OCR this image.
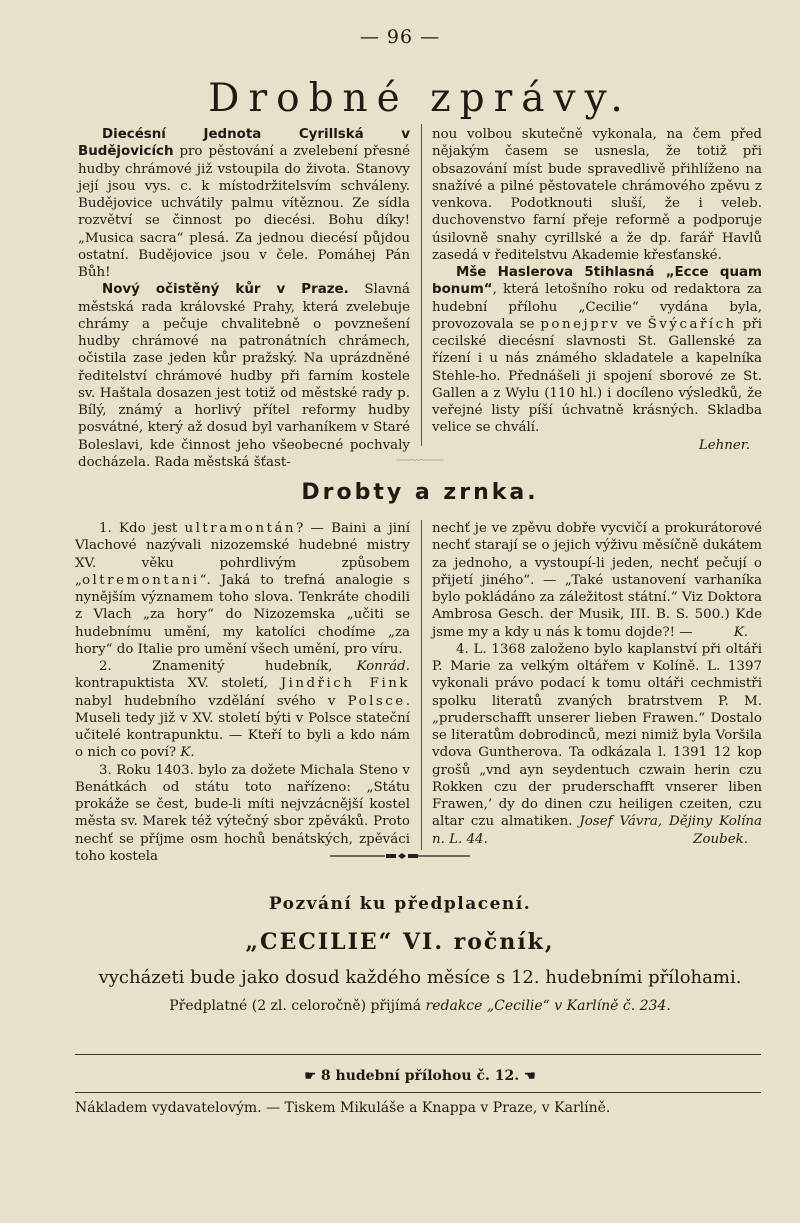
— 96 —
Drobné zprávy.

Diecésní Jednota Cyrillská v Budějovicích pro pěstování a zvelebení přesné hudby chrámové již vstoupila do života. Stanovy její jsou vys. c. k místodržitelsvím schváleny. Budějovice uchvátily palmu vítěznou. Ze sídla rozvětví se činnost po diecési. Bohu díky! „Musica sacra“ plesá. Za jednou diecésí půjdou ostatní. Budějovice jsou v čele. Pomáhej Pán Bůh!

Nový očistěný kůr v Praze. Slavná městská rada královské Prahy, která zvelebuje chrámy a pečuje chvalitebně o povznešení hudby chrámové na patronátních chrámech, očistila zase jeden kůr pražský. Na uprázdněné ředitelství chrámové hudby při farním kostele sv. Haštala dosazen jest totiž od městské rady p. Bílý, známý a horlivý přítel reformy hudby posvátné, který až dosud byl varhaníkem v Staré Boleslavi, kde činnost jeho všeobecné pochvaly docházela. Rada městská šťast-

nou volbou skutečně vykonala, na čem před nějakým časem se usnesla, že totiž při obsazování míst bude spravedlivě přihlíženo na snažívé a pilné pěstovatele chrámového zpěvu z venkova. Podotknouti sluší, že i veleb. duchovenstvo farní přeje reformě a podporuje úsilovně snahy cyrillské a že dp. farář Havlů zasedá v ředitelstvu Akademie křesťanské.

Mše Haslerova 5tihlasná „Ecce quam bonum“, která letošního roku od redaktora za hudební přílohu „Cecilie“ vydána byla, provozovala se ponejprv ve Švýcařích při cecilské diecésní slavnosti St. Gallenské za řízení i u nás známého skladatele a kapelníka Stehle-ho. Přednášeli ji spojení sborové ze St. Gallen a z Wylu (110 hl.) i docíleno výsledků, že veřejné listy píší úchvatně krásných. Skladba velice se chválí.

Lehner.

Drobty a zrnka.

1. Kdo jest ultramontán? — Baini a jiní Vlachové nazývali nizozemské hudebné mistry XV. věku pohrdlivým způsobem „oltremontani“. Jaká to trefná analogie s nynějším významem toho slova. Tenkráte chodili z Vlach „za hory“ do Nizozemska „učiti se hudebnímu umění, my katolíci chodíme „za hory“ do Italie pro umění všech umění, pro víru.
Konrád.

2. Znamenitý hudebník, kontrapuktista XV. století, Jindřich Fink nabyl hudebního vzdělání svého v Polsce. Museli tedy již v XV. století býti v Polsce stateční učitelé kontrapunktu. — Kteří to byli a kdo nám o nich co poví? K.

3. Roku 1403. bylo za dožete Michala Steno v Benátkách od státu toto nařízeno: „Státu prokáže se čest, bude-li míti nejvzácnější kostel města sv. Marek též výtečný sbor zpěváků. Proto nechť se příjme osm hochů benátských, zpěváci toho kostela

nechť je ve zpěvu dobře vycvičí a prokurátorové nechť starají se o jejich výživu měsíčně dukátem za jednoho, a vystoupí-li jeden, nechť pečují o přijetí jiného“. — „Také ustanovení varhaníka bylo pokládáno za záležitost státní.“ Viz Doktora Ambrosa Gesch. der Musik, III. B. S. 500.) Kde jsme my a kdy u nás k tomu dojde?! —	K.

4. L. 1368 založeno bylo kaplanství při oltáři P. Marie za velkým oltářem v Kolíně. L. 1397 vykonali právo podací k tomu oltáři cechmistři spolku literatů zvaných bratrstvem P. M. „pruderschafft unserer lieben Frawen.“ Dostalo se literatům dobrodinců, mezi nimiž byla Voršila vdova Guntherova. Ta odkázala l. 1391 12 kop grošů „vnd ayn seydentuch czwain herin czu Rokken czu der pruderschafft vnserer liben Frawen,’ dy do dinen czu heiligen czeiten, czu altar czu almatiken. Josef Vávra, Dějiny Kolína n. L. 44.	Zoubek.

Pozvání ku předplacení.
„CECILIE“ VI. ročník,
vycházeti bude jako dosud každého měsíce s 12. hudebními přílohami.
Předplatné (2 zl. celoročně) přijímá redakce „Cecilie“ v Karlíně č. 234.
☛ 8 hudební přílohou č. 12. ☚
Nákladem vydavatelovým. — Tiskem Mikuláše a Knappa v Praze, v Karlíně.
